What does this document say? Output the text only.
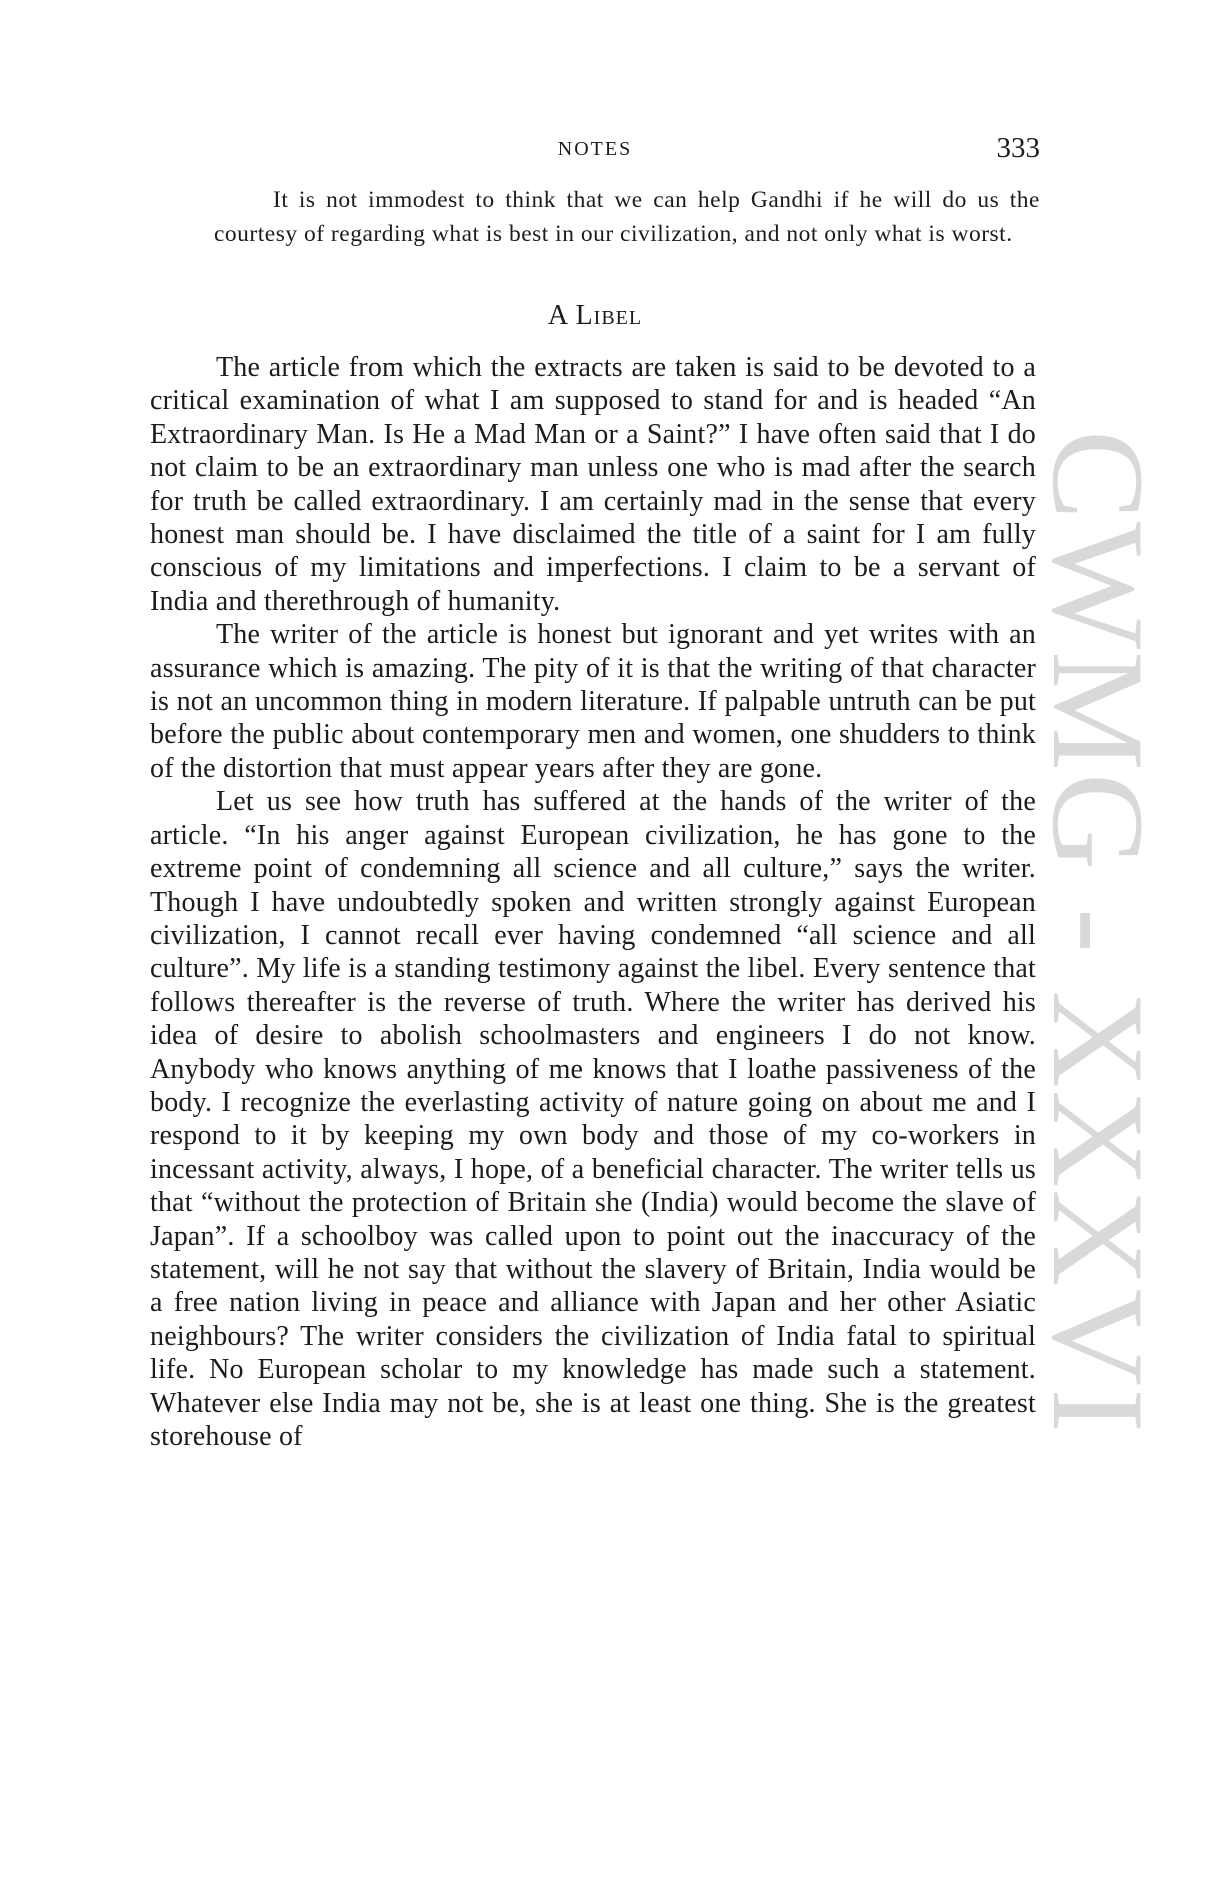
CWMG - XXXVI
NOTES	333

It is not immodest to think that we can help Gandhi if he will do us the courtesy of regarding what is best in our civilization, and not only what is worst.

A Libel

The article from which the extracts are taken is said to be devoted to a critical examination of what I am supposed to stand for and is headed “An Extraordinary Man. Is He a Mad Man or a Saint?” I have often said that I do not claim to be an extraordinary man unless one who is mad after the search for truth be called extraordinary. I am certainly mad in the sense that every honest man should be. I have disclaimed the title of a saint for I am fully conscious of my limitations and imperfections. I claim to be a servant of India and therethrough of humanity.

The writer of the article is honest but ignorant and yet writes with an assurance which is amazing. The pity of it is that the writing of that character is not an uncommon thing in modern literature. If palpable untruth can be put before the public about contemporary men and women, one shudders to think of the distortion that must appear years after they are gone.

Let us see how truth has suffered at the hands of the writer of the article. “In his anger against European civilization, he has gone to the extreme point of condemning all science and all culture,” says the writer. Though I have undoubtedly spoken and written strongly against European civilization, I cannot recall ever having condemned “all science and all culture”. My life is a standing testimony against the libel. Every sentence that follows thereafter is the reverse of truth. Where the writer has derived his idea of desire to abolish schoolmasters and engineers I do not know. Anybody who knows anything of me knows that I loathe passiveness of the body. I recognize the everlasting activity of nature going on about me and I respond to it by keeping my own body and those of my co-workers in incessant activity, always, I hope, of a beneficial character. The writer tells us that “without the protection of Britain she (India) would become the slave of Japan”. If a schoolboy was called upon to point out the inaccuracy of the statement, will he not say that without the slavery of Britain, India would be a free nation living in peace and alliance with Japan and her other Asiatic neighbours? The writer considers the civilization of India fatal to spiritual life. No European scholar to my knowledge has made such a statement. Whatever else India may not be, she is at least one thing. She is the greatest storehouse of
